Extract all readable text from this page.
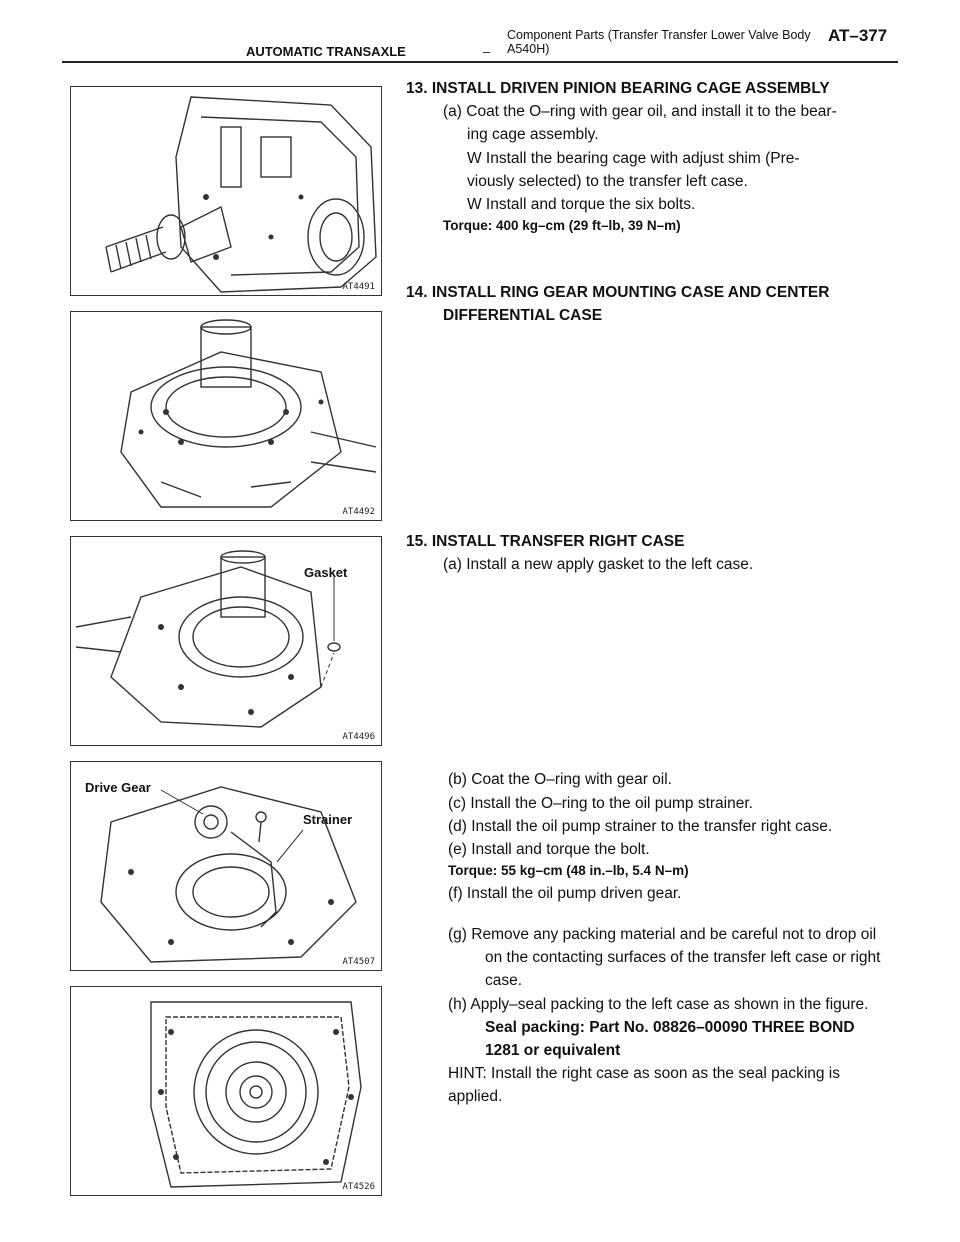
AUTOMATIC TRANSAXLE	–
Component Parts (Transfer Transfer Lower Valve Body A540H)
AT–377
AT4491
AT4492
Gasket
AT4496
Drive Gear
Strainer
AT4507
AT4526
13. INSTALL DRIVEN PINION BEARING CAGE ASSEMBLY
(a) Coat the O–ring with gear oil, and install it to the bear-
ing cage assembly.
W Install the bearing cage with adjust shim (Pre-
viously selected) to the transfer left case.
W Install and torque the six bolts.
Torque: 400 kg–cm (29 ft–lb, 39 N–m)
14. INSTALL RING GEAR MOUNTING CASE AND CENTER
DIFFERENTIAL CASE
15. INSTALL TRANSFER RIGHT CASE
(a) Install a new apply gasket to the left case.
(b) Coat the O–ring with gear oil.
(c) Install the O–ring to the oil pump strainer.
(d) Install the oil pump strainer to the transfer right case.
(e) Install and torque the bolt.
Torque: 55 kg–cm (48 in.–lb, 5.4 N–m)
(f) Install the oil pump driven gear.
(g) Remove any packing material and be careful not to drop oil
on the contacting surfaces of the transfer left case or right
case.
(h) Apply–seal packing to the left case as shown in the figure.
Seal packing: Part No. 08826–00090 THREE BOND
1281 or equivalent
HINT: Install the right case as soon as the seal packing is
applied.
